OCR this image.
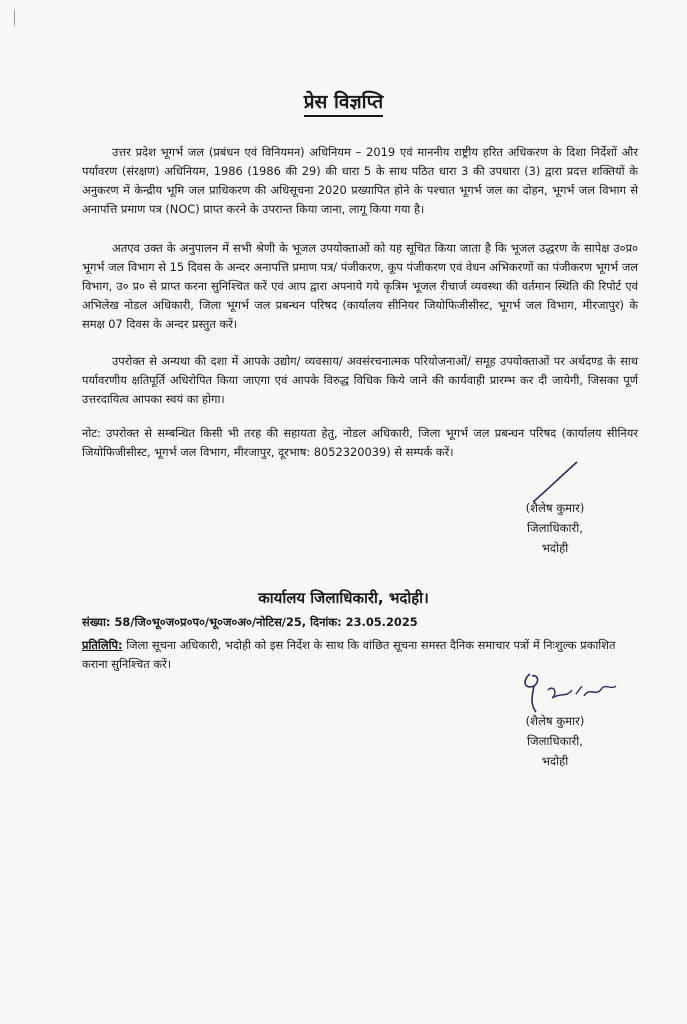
प्रेस विज्ञप्ति

उत्तर प्रदेश भूगर्भ जल (प्रबंधन एवं विनियमन) अधिनियम – 2019 एवं माननीय राष्ट्रीय हरित अधिकरण के दिशा निर्देशों और पर्यावरण (संरक्षण) अधिनियम, 1986 (1986 की 29) की धारा 5 के साथ पठित धारा 3 की उपधारा (3) द्वारा प्रदत्त शक्तियों के अनुकरण में केन्द्रीय भूमि जल प्राधिकरण की अधिसूचना 2020 प्रख्यापित होने के पश्चात भूगर्भ जल का दोहन, भूगर्भ जल विभाग से अनापत्ति प्रमाण पत्र (NOC) प्राप्त करने के उपरान्त किया जाना, लागू किया गया है।

अतएव उक्त के अनुपालन में सभी श्रेणी के भूजल उपयोक्ताओं को यह सूचित किया जाता है कि भूजल उद्धरण के सापेक्ष उ०प्र० भूगर्भ जल विभाग से 15 दिवस के अन्दर अनापत्ति प्रमाण पत्र/ पंजीकरण, कूप पंजीकरण एवं वेधन अभिकरणों का पंजीकरण भूगर्भ जल विभाग, उ० प्र० से प्राप्त करना सुनिश्चित करें एवं आप द्वारा अपनाये गये कृत्रिम भूजल रीचार्ज व्यवस्था की वर्तमान स्थिति की रिपोर्ट एवं अभिलेख नोडल अधिकारी, जिला भूगर्भ जल प्रबन्धन परिषद (कार्यालय सीनियर जियोफिजीसीस्ट, भूगर्भ जल विभाग, मीरजापुर) के समक्ष 07 दिवस के अन्दर प्रस्तुत करें।

उपरोक्त से अन्यथा की दशा में आपके उद्योग/ व्यवसाय/ अवसंरचनात्मक परियोजनाओं/ समूह उपयोक्ताओं पर अर्थदण्ड के साथ पर्यावरणीय क्षतिपूर्ति अधिरोपित किया जाएगा एवं आपके विरुद्ध विधिक किये जाने की कार्यवाही प्रारम्भ कर दी जायेगी, जिसका पूर्ण उत्तरदायित्व आपका स्वयं का होगा।

नोट: उपरोक्त से सम्बन्धित किसी भी तरह की सहायता हेतु, नोडल अधिकारी, जिला भूगर्भ जल प्रबन्धन परिषद (कार्यालय सीनियर जियोफिजीसीस्ट, भूगर्भ जल विभाग, मीरजापुर, दूरभाष: 8052320039) से सम्पर्क करें।

(शैलेष कुमार)
जिलाधिकारी,
भदोही
कार्यालय जिलाधिकारी, भदोही।

संख्या: 58/जि०भू०ज०प्र०प०/भू०ज०अ०/नोटिस/25, दिनांक: 23.05.2025

प्रतिलिपि: जिला सूचना अधिकारी, भदोही को इस निर्देश के साथ कि वांछित सूचना समस्त दैनिक समाचार पत्रों में निःशुल्क प्रकाशित कराना सुनिश्चित करें।

(शैलेष कुमार)
जिलाधिकारी,
भदोही
